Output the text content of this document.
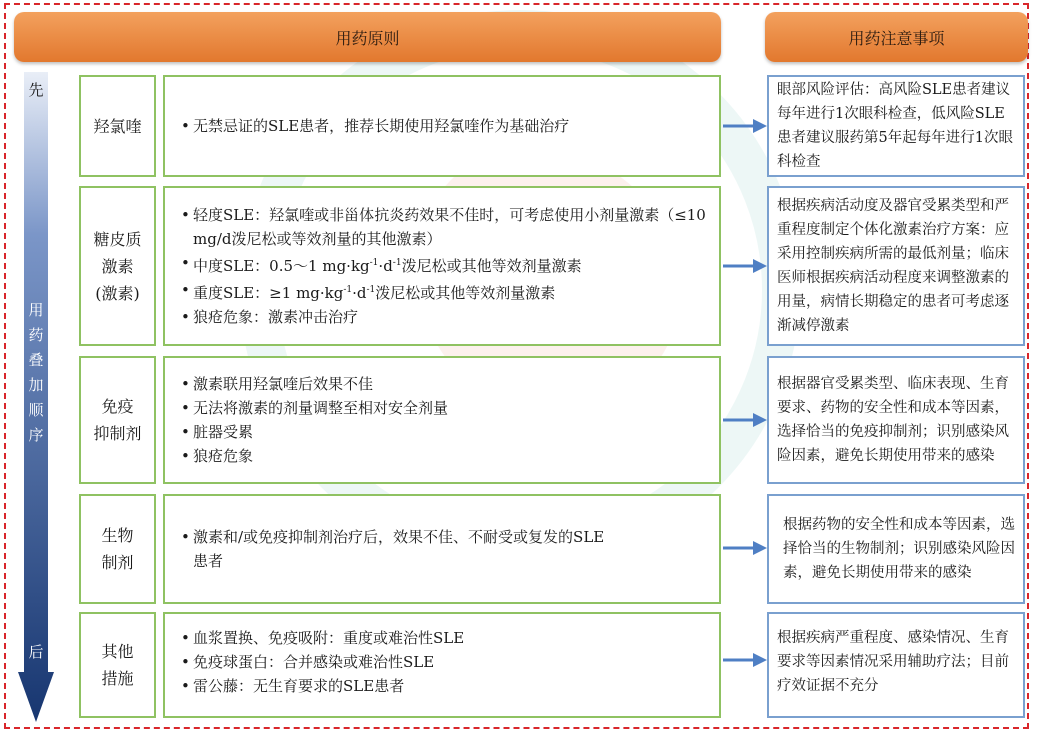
用药原则	用药注意事项
先
用
药
叠
加
顺
序
后
羟氯喹
•	无禁忌证的SLE患者，推荐长期使用羟氯喹作为基础治疗
眼部风险评估：高风险SLE患者建议每年进行1次眼科检查，低风险SLE患者建议服药第5年起每年进行1次眼科检查
糖皮质
激素
(激素)
• 轻度SLE：羟氯喹或非甾体抗炎药效果不佳时，可考虑使用小剂量激素（≤10 mg/d泼尼松或等效剂量的其他激素）
• 中度SLE：0.5～1 $mg\cdot kg^{-1}\cdot d^{-1}$泼尼松或其他等效剂量激素
• 重度SLE：≥1 $mg\cdot kg^{-1}\cdot d^{-1}$泼尼松或其他等效剂量激素
• 狼疮危象：激素冲击治疗
根据疾病活动度及器官受累类型和严重程度制定个体化激素治疗方案：应采用控制疾病所需的最低剂量；临床医师根据疾病活动程度来调整激素的用量，病情长期稳定的患者可考虑逐渐减停激素
免疫
抑制剂
• 激素联用羟氯喹后效果不佳
• 无法将激素的剂量调整至相对安全剂量
• 脏器受累
• 狼疮危象
根据器官受累类型、临床表现、生育要求、药物的安全性和成本等因素，选择恰当的免疫抑制剂；识别感染风险因素，避免长期使用带来的感染
生物
制剂
• 激素和/或免疫抑制剂治疗后，效果不佳、不耐受或复发的SLE患者
根据药物的安全性和成本等因素，选择恰当的生物制剂；识别感染风险因素，避免长期使用带来的感染
其他
措施
• 血浆置换、免疫吸附：重度或难治性SLE
• 免疫球蛋白：合并感染或难治性SLE
• 雷公藤：无生育要求的SLE患者
根据疾病严重程度、感染情况、生育要求等因素情况采用辅助疗法；目前疗效证据不充分
